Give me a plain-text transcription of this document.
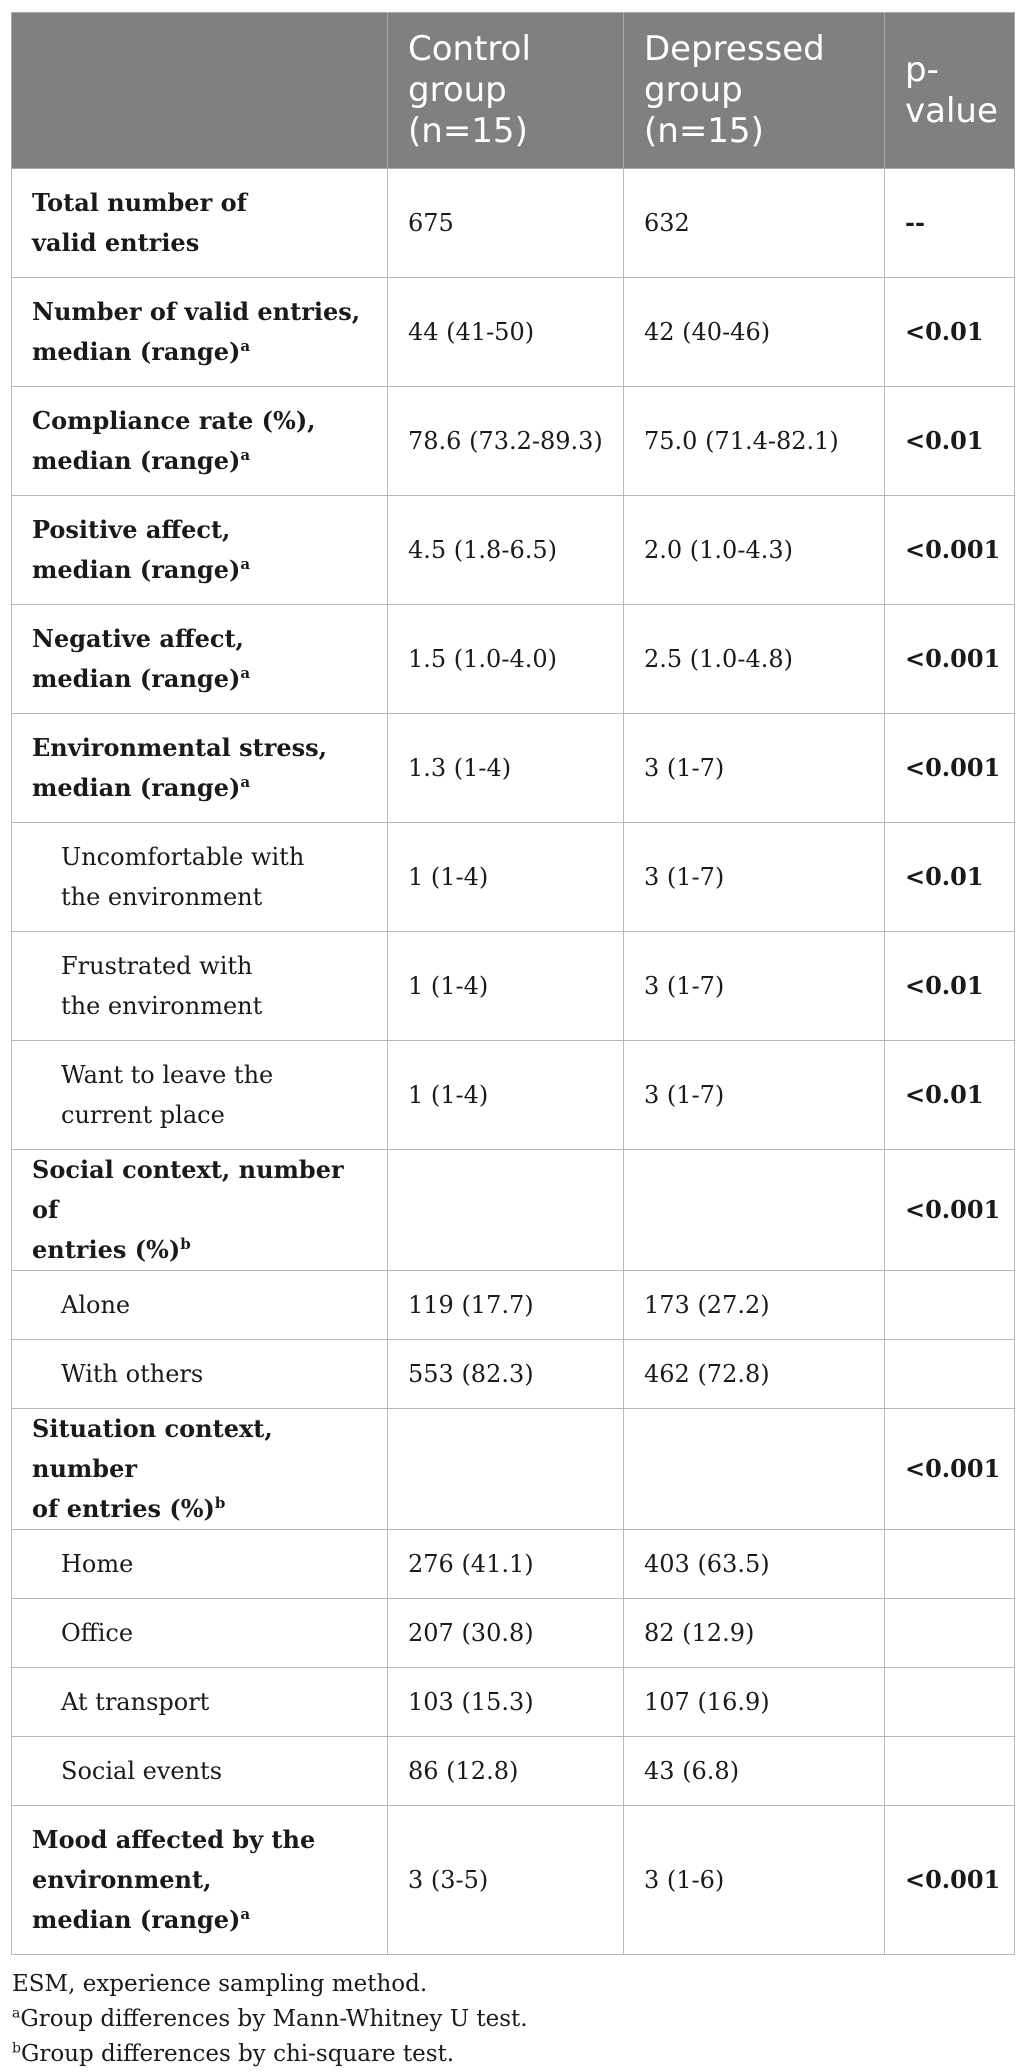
	Control
group
(n=15)	Depressed
group
(n=15)	p-
value

Total number of
valid entries	675	632	--

Number of valid entries,
median (range)$^a$	44 (41-50)	42 (40-46)	<0.01

Compliance rate (%),
median (range)$^a$	78.6 (73.2-89.3)	75.0 (71.4-82.1)	<0.01

Positive affect,
median (range)$^a$	4.5 (1.8-6.5)	2.0 (1.0-4.3)	<0.001

Negative affect,
median (range)$^a$	1.5 (1.0-4.0)	2.5 (1.0-4.8)	<0.001

Environmental stress,
median (range)$^a$	1.3 (1-4)	3 (1-7)	<0.001

Uncomfortable with
the environment	1 (1-4)	3 (1-7)	<0.01

Frustrated with
the environment	1 (1-4)	3 (1-7)	<0.01

Want to leave the
current place	1 (1-4)	3 (1-7)	<0.01

Social context, number of
entries (%)$^b$			<0.001

Alone	119 (17.7)	173 (27.2)	

With others	553 (82.3)	462 (72.8)	

Situation context, number
of entries (%)$^b$			<0.001

Home	276 (41.1)	403 (63.5)	

Office	207 (30.8)	82 (12.9)	

At transport	103 (15.3)	107 (16.9)	

Social events	86 (12.8)	43 (6.8)	

Mood affected by the
environment,
median (range)$^a$	3 (3-5)	3 (1-6)	<0.001
ESM, experience sampling method.
$^a$Group differences by Mann-Whitney U test.
$^b$Group differences by chi-square test.
